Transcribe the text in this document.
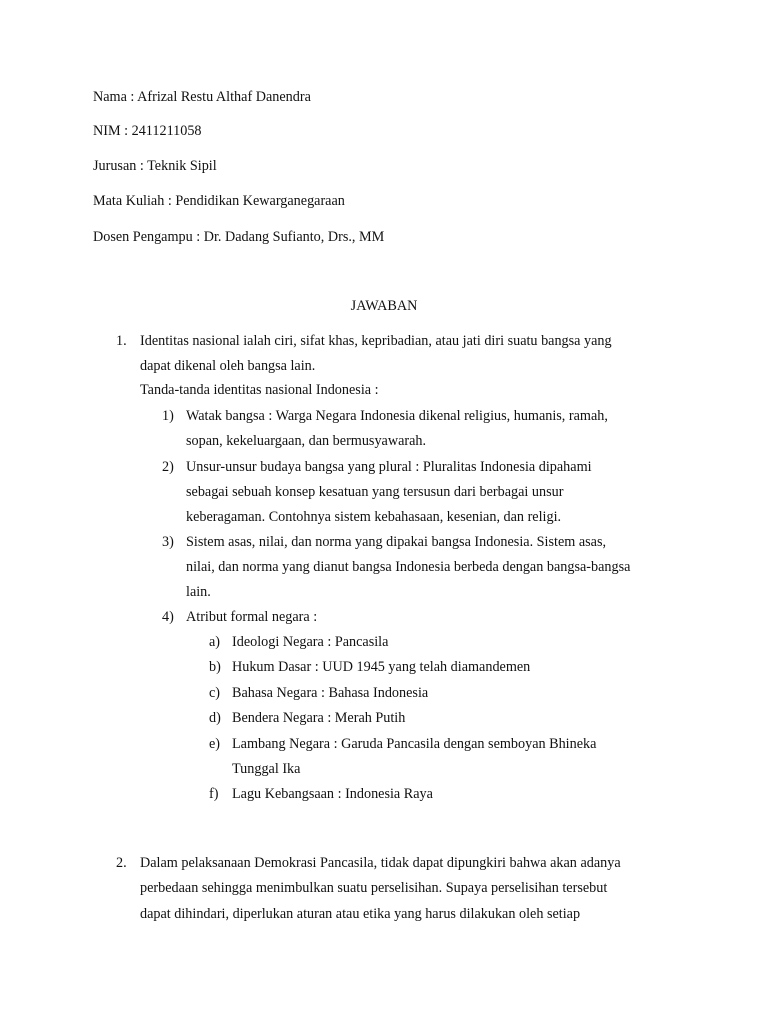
Nama : Afrizal Restu Althaf Danendra
NIM : 2411211058
Jurusan : Teknik Sipil
Mata Kuliah : Pendidikan Kewarganegaraan
Dosen Pengampu : Dr. Dadang Sufianto, Drs., MM
JAWABAN
1. Identitas nasional ialah ciri, sifat khas, kepribadian, atau jati diri suatu bangsa yang
dapat dikenal oleh bangsa lain.
Tanda-tanda identitas nasional Indonesia :
1) Watak bangsa : Warga Negara Indonesia dikenal religius, humanis, ramah,
sopan, kekeluargaan, dan bermusyawarah.
2) Unsur-unsur budaya bangsa yang plural : Pluralitas Indonesia dipahami
sebagai sebuah konsep kesatuan yang tersusun dari berbagai unsur
keberagaman. Contohnya sistem kebahasaan, kesenian, dan religi.
3) Sistem asas, nilai, dan norma yang dipakai bangsa Indonesia. Sistem asas,
nilai, dan norma yang dianut bangsa Indonesia berbeda dengan bangsa-bangsa
lain.
4) Atribut formal negara :
a) Ideologi Negara : Pancasila
b) Hukum Dasar : UUD 1945 yang telah diamandemen
c) Bahasa Negara : Bahasa Indonesia
d) Bendera Negara : Merah Putih
e) Lambang Negara : Garuda Pancasila dengan semboyan Bhineka
Tunggal Ika
f) Lagu Kebangsaan : Indonesia Raya
2. Dalam pelaksanaan Demokrasi Pancasila, tidak dapat dipungkiri bahwa akan adanya
perbedaan sehingga menimbulkan suatu perselisihan. Supaya perselisihan tersebut
dapat dihindari, diperlukan aturan atau etika yang harus dilakukan oleh setiap
